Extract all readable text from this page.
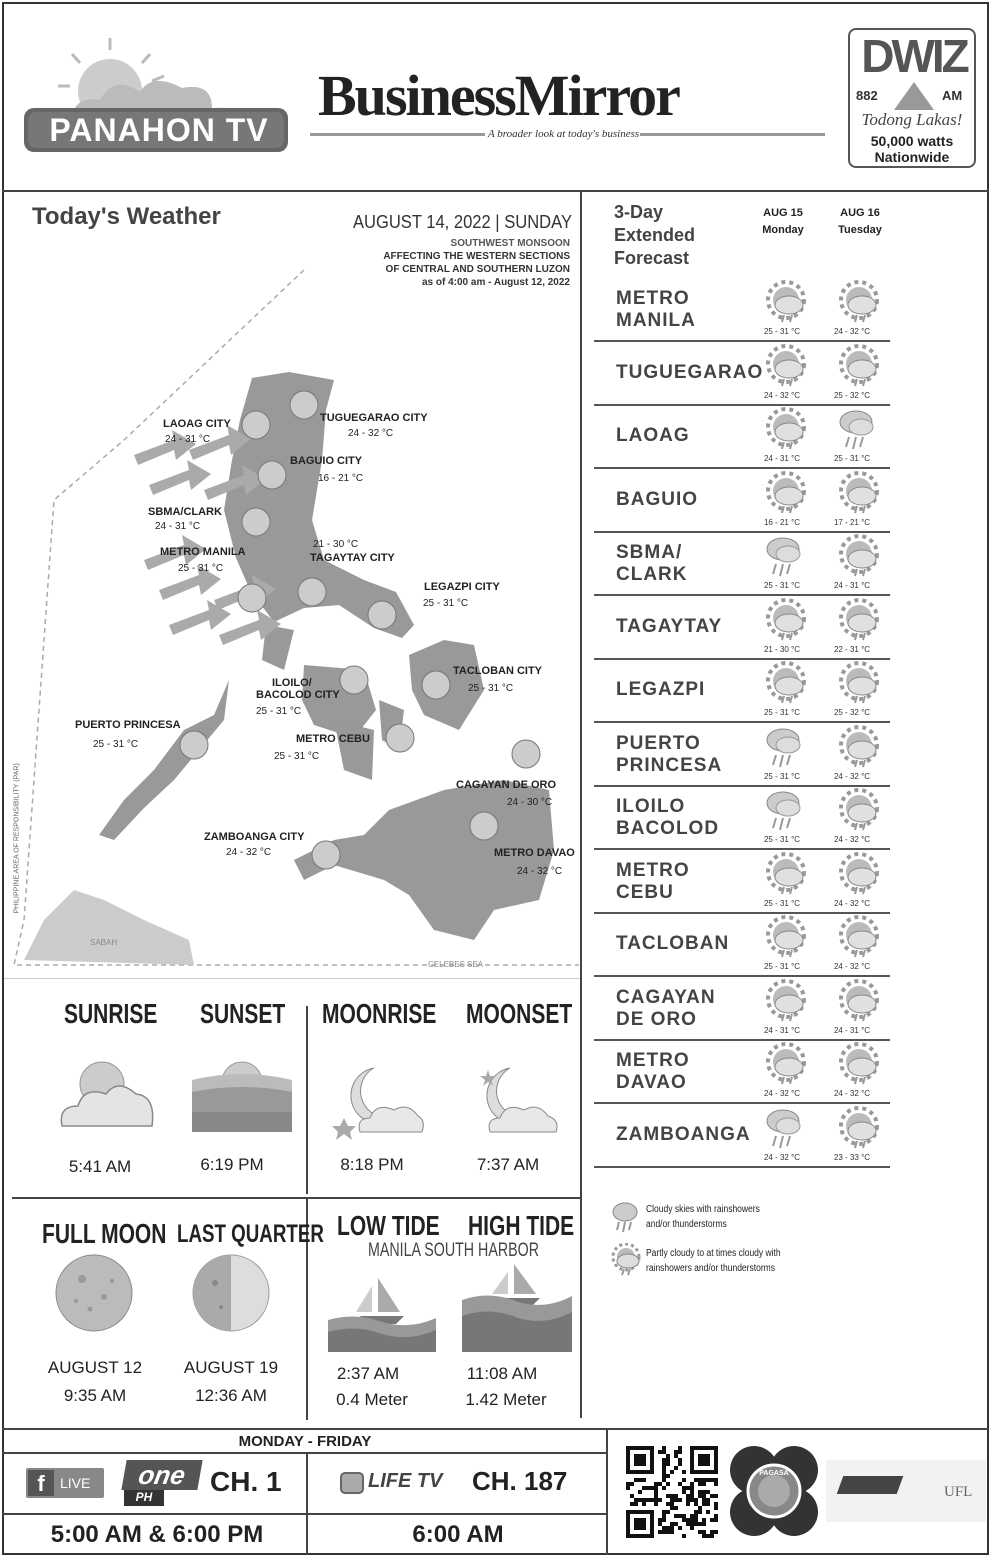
PANAHON TV
BusinessMirror
A broader look at today's business
DWIZ
882	AM
Todong Lakas!
50,000 watts
Nationwide
Today's Weather	AUGUST 14, 2022 | SUNDAY
SOUTHWEST MONSOON
AFFECTING THE WESTERN SECTIONS
OF CENTRAL AND SOUTHERN LUZON
as of 4:00 am - August 12, 2022
PHILIPPINE AREA OF RESPONSIBILITY (PAR)
SABAH
CELEBES SEA
LAOAG CITY
24 - 31 °C
TUGUEGARAO CITY
24 - 32 °C
BAGUIO CITY
16 - 21 °C
SBMA/CLARK
24 - 31 °C
METRO MANILA
25 - 31 °C
21 - 30 °C
TAGAYTAY CITY
LEGAZPI CITY
25 - 31 °C
ILOILO/
BACOLOD CITY
25 - 31 °C
TACLOBAN CITY
25 - 31 °C
PUERTO PRINCESA
25 - 31 °C	METRO CEBU
25 - 31 °C
CAGAYAN DE ORO
24 - 30 °C
ZAMBOANGA CITY
24 - 32 °C	METRO DAVAO
24 - 32 °C
3-Day
Extended
Forecast
AUG 15
Monday
AUG 16
Tuesday
METRO
MANILA
25 - 31 °C	24 - 32 °C
TUGUEGARAO
24 - 32 °C	25 - 32 °C
LAOAG
24 - 31 °C	25 - 31 °C
BAGUIO
16 - 21 °C	17 - 21 °C
SBMA/
CLARK
25 - 31 °C	24 - 31 °C
TAGAYTAY
21 - 30 °C	22 - 31 °C
LEGAZPI
25 - 31 °C	25 - 32 °C
PUERTO
PRINCESA
25 - 31 °C	24 - 32 °C
ILOILO
BACOLOD
25 - 31 °C	24 - 32 °C
METRO
CEBU
25 - 31 °C	24 - 32 °C
TACLOBAN
25 - 31 °C	24 - 32 °C
CAGAYAN
DE ORO
24 - 31 °C	24 - 31 °C
METRO
DAVAO
24 - 32 °C	24 - 32 °C
ZAMBOANGA
24 - 32 °C	23 - 33 °C
Cloudy skies with rainshowers
and/or thunderstorms
Partly cloudy to at times cloudy with
rainshowers and/or thunderstorms
SUNRISE SUNSET MOONRISE MOONSET
5:41 AM	6:19 PM	8:18 PM	7:37 AM
FULL MOON LAST QUARTER
AUGUST 12
9:35 AM
AUGUST 19
12:36 AM
LOW TIDE HIGH TIDE
MANILA SOUTH HARBOR
2:37 AM
0.4 Meter
11:08 AM
1.42 Meter
MONDAY - FRIDAY
f	LIVE	one
PH	CH. 1	LIFE TV CH. 187
5:00 AM & 6:00 PM	6:00 AM
PAGASA
UFL
